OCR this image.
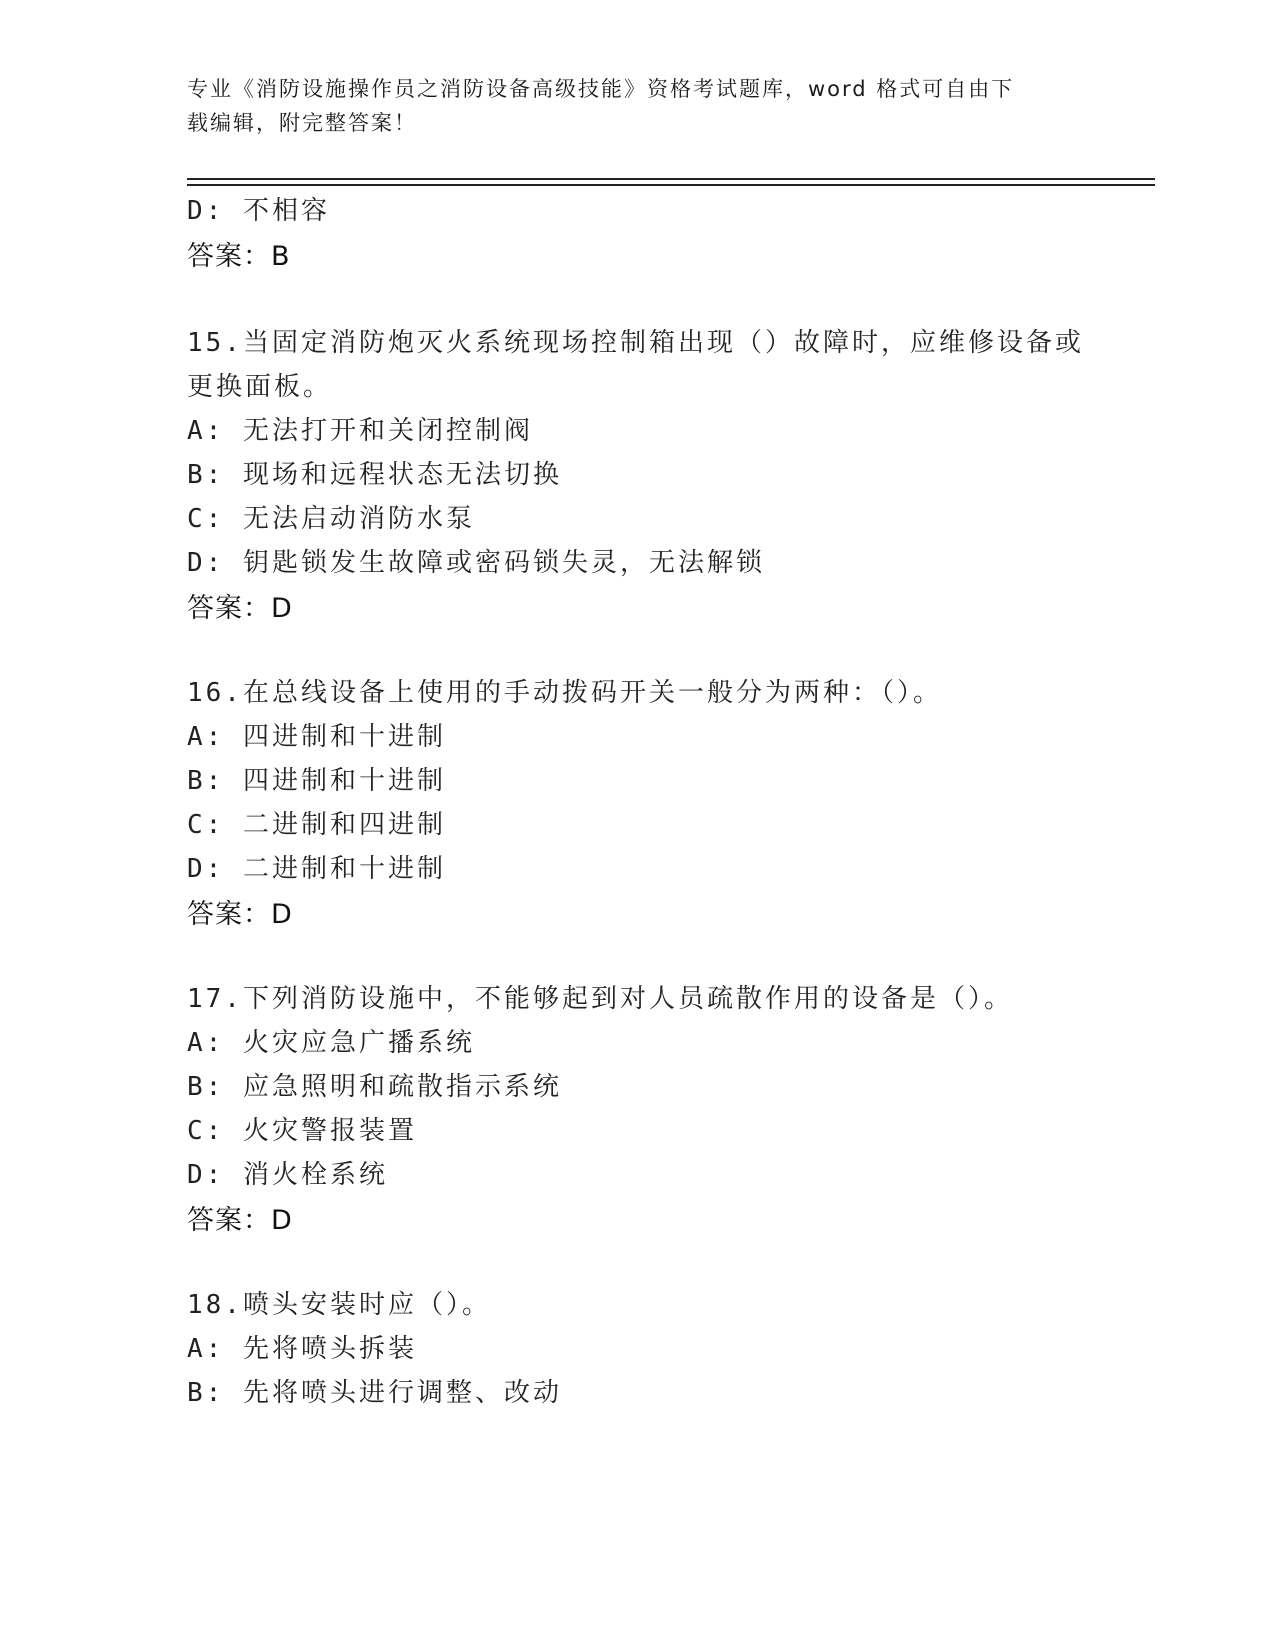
专业《消防设施操作员之消防设备高级技能》资格考试题库，word 格式可自由下
载编辑，附完整答案！
D: 不相容
答案：B
15.当固定消防炮灭火系统现场控制箱出现（）故障时，应维修设备或
更换面板。
A: 无法打开和关闭控制阀
B: 现场和远程状态无法切换
C: 无法启动消防水泵
D: 钥匙锁发生故障或密码锁失灵，无法解锁
答案：D
16.在总线设备上使用的手动拨码开关一般分为两种：（）。
A: 四进制和十进制
B: 四进制和十进制
C: 二进制和四进制
D: 二进制和十进制
答案：D
17.下列消防设施中，不能够起到对人员疏散作用的设备是（）。
A: 火灾应急广播系统
B: 应急照明和疏散指示系统
C: 火灾警报装置
D: 消火栓系统
答案：D
18.喷头安装时应（）。
A: 先将喷头拆装
B: 先将喷头进行调整、改动
